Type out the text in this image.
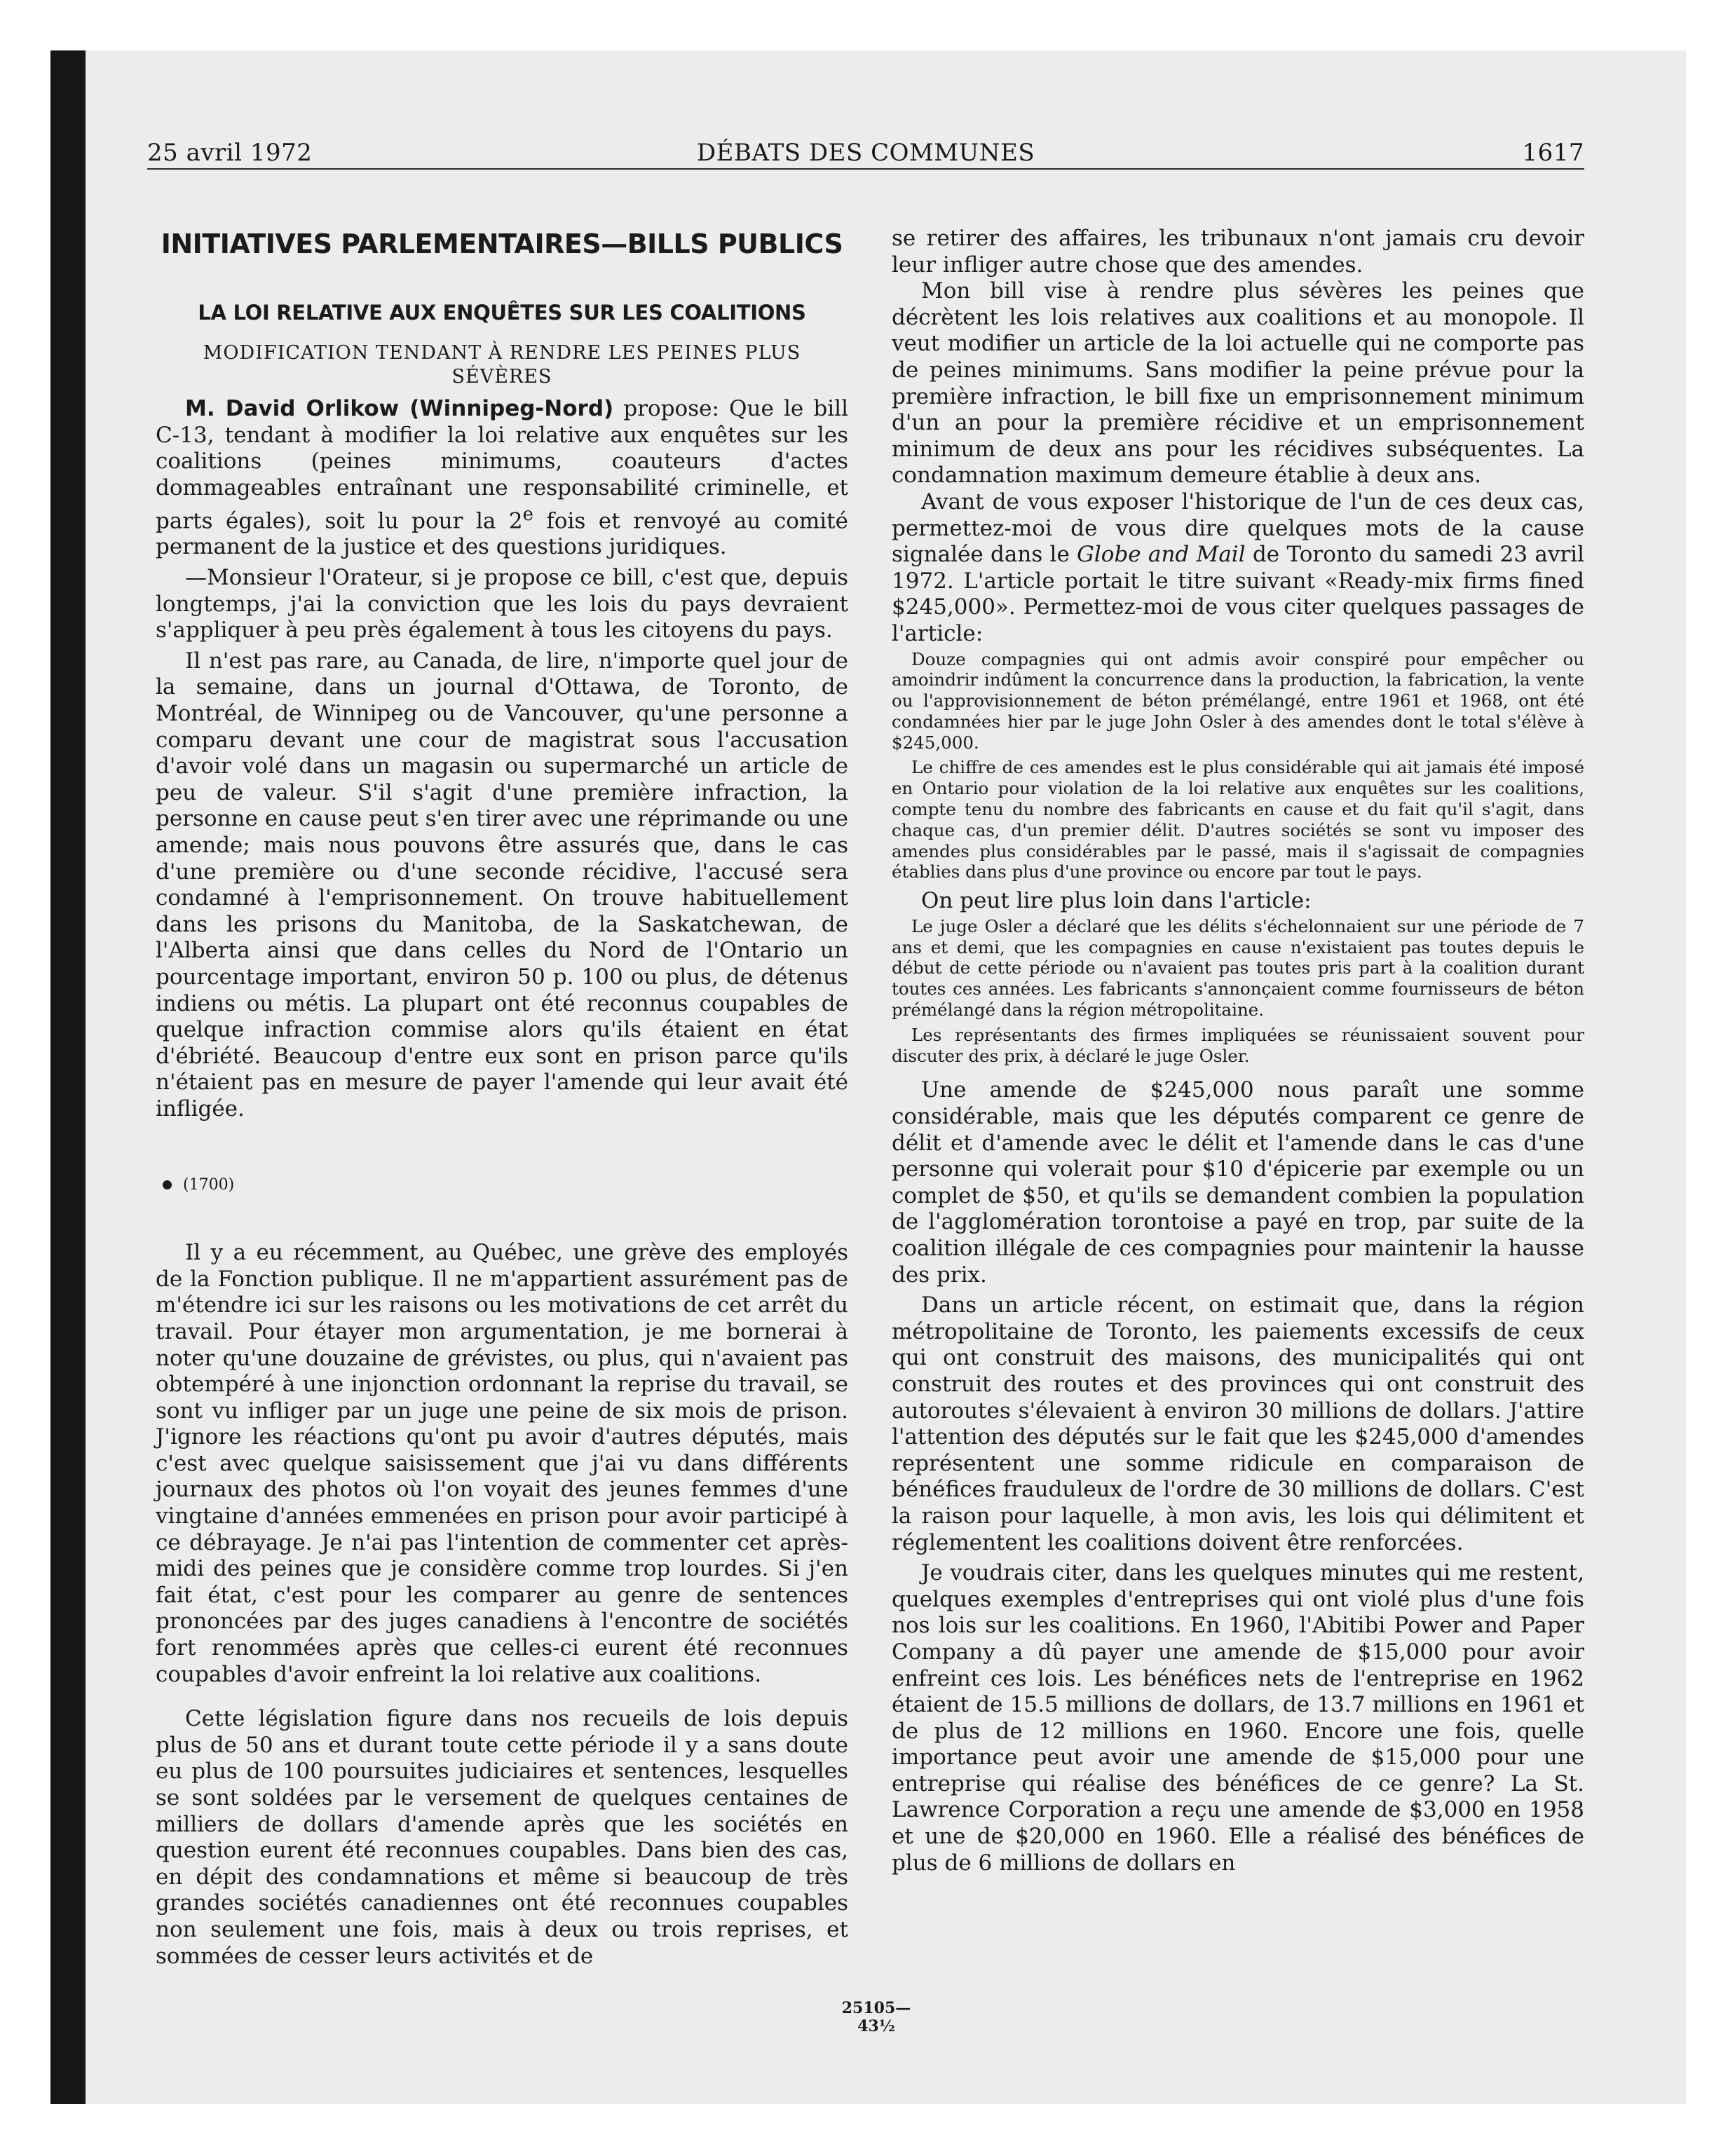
25 avril 1972	DÉBATS DES COMMUNES	1617
INITIATIVES PARLEMENTAIRES—BILLS PUBLICS
LA LOI RELATIVE AUX ENQUÊTES SUR LES COALITIONS
MODIFICATION TENDANT À RENDRE LES PEINES PLUS SÉVÈRES

M. David Orlikow (Winnipeg-Nord) propose: Que le bill C-13, tendant à modifier la loi relative aux enquêtes sur les coalitions (peines minimums, coauteurs d'actes dommageables entraînant une responsabilité criminelle, et parts égales), soit lu pour la 2e fois et renvoyé au comité permanent de la justice et des questions juridiques.

—Monsieur l'Orateur, si je propose ce bill, c'est que, depuis longtemps, j'ai la conviction que les lois du pays devraient s'appliquer à peu près également à tous les citoyens du pays.

Il n'est pas rare, au Canada, de lire, n'importe quel jour de la semaine, dans un journal d'Ottawa, de Toronto, de Montréal, de Winnipeg ou de Vancouver, qu'une personne a comparu devant une cour de magistrat sous l'accusation d'avoir volé dans un magasin ou supermarché un article de peu de valeur. S'il s'agit d'une première infraction, la personne en cause peut s'en tirer avec une réprimande ou une amende; mais nous pouvons être assurés que, dans le cas d'une première ou d'une seconde récidive, l'accusé sera condamné à l'emprisonnement. On trouve habituellement dans les prisons du Manitoba, de la Saskatchewan, de l'Alberta ainsi que dans celles du Nord de l'Ontario un pourcentage important, environ 50 p. 100 ou plus, de détenus indiens ou métis. La plupart ont été reconnus coupables de quelque infraction commise alors qu'ils étaient en état d'ébriété. Beaucoup d'entre eux sont en prison parce qu'ils n'étaient pas en mesure de payer l'amende qui leur avait été infligée.

(1700)

Il y a eu récemment, au Québec, une grève des employés de la Fonction publique. Il ne m'appartient assurément pas de m'étendre ici sur les raisons ou les motivations de cet arrêt du travail. Pour étayer mon argumentation, je me bornerai à noter qu'une douzaine de grévistes, ou plus, qui n'avaient pas obtempéré à une injonction ordonnant la reprise du travail, se sont vu infliger par un juge une peine de six mois de prison. J'ignore les réactions qu'ont pu avoir d'autres députés, mais c'est avec quelque saisissement que j'ai vu dans différents journaux des photos où l'on voyait des jeunes femmes d'une vingtaine d'années emmenées en prison pour avoir participé à ce débrayage. Je n'ai pas l'intention de commenter cet après-midi des peines que je considère comme trop lourdes. Si j'en fait état, c'est pour les comparer au genre de sentences prononcées par des juges canadiens à l'encontre de sociétés fort renommées après que celles-ci eurent été reconnues coupables d'avoir enfreint la loi relative aux coalitions.

Cette législation figure dans nos recueils de lois depuis plus de 50 ans et durant toute cette période il y a sans doute eu plus de 100 poursuites judiciaires et sentences, lesquelles se sont soldées par le versement de quelques centaines de milliers de dollars d'amende après que les sociétés en question eurent été reconnues coupables. Dans bien des cas, en dépit des condamnations et même si beaucoup de très grandes sociétés canadiennes ont été reconnues coupables non seulement une fois, mais à deux ou trois reprises, et sommées de cesser leurs activités et de

se retirer des affaires, les tribunaux n'ont jamais cru devoir leur infliger autre chose que des amendes.

Mon bill vise à rendre plus sévères les peines que décrètent les lois relatives aux coalitions et au monopole. Il veut modifier un article de la loi actuelle qui ne comporte pas de peines minimums. Sans modifier la peine prévue pour la première infraction, le bill fixe un emprisonnement minimum d'un an pour la première récidive et un emprisonnement minimum de deux ans pour les récidives subséquentes. La condamnation maximum demeure établie à deux ans.

Avant de vous exposer l'historique de l'un de ces deux cas, permettez-moi de vous dire quelques mots de la cause signalée dans le Globe and Mail de Toronto du samedi 23 avril 1972. L'article portait le titre suivant «Ready-mix firms fined $245,000». Permettez-moi de vous citer quelques passages de l'article:

Douze compagnies qui ont admis avoir conspiré pour empêcher ou amoindrir indûment la concurrence dans la production, la fabrication, la vente ou l'approvisionnement de béton prémélangé, entre 1961 et 1968, ont été condamnées hier par le juge John Osler à des amendes dont le total s'élève à $245,000.

Le chiffre de ces amendes est le plus considérable qui ait jamais été imposé en Ontario pour violation de la loi relative aux enquêtes sur les coalitions, compte tenu du nombre des fabricants en cause et du fait qu'il s'agit, dans chaque cas, d'un premier délit. D'autres sociétés se sont vu imposer des amendes plus considérables par le passé, mais il s'agissait de compagnies établies dans plus d'une province ou encore par tout le pays.

On peut lire plus loin dans l'article:

Le juge Osler a déclaré que les délits s'échelonnaient sur une période de 7 ans et demi, que les compagnies en cause n'existaient pas toutes depuis le début de cette période ou n'avaient pas toutes pris part à la coalition durant toutes ces années. Les fabricants s'annonçaient comme fournisseurs de béton prémélangé dans la région métropolitaine.

Les représentants des firmes impliquées se réunissaient souvent pour discuter des prix, à déclaré le juge Osler.

Une amende de $245,000 nous paraît une somme considérable, mais que les députés comparent ce genre de délit et d'amende avec le délit et l'amende dans le cas d'une personne qui volerait pour $10 d'épicerie par exemple ou un complet de $50, et qu'ils se demandent combien la population de l'agglomération torontoise a payé en trop, par suite de la coalition illégale de ces compagnies pour maintenir la hausse des prix.

Dans un article récent, on estimait que, dans la région métropolitaine de Toronto, les paiements excessifs de ceux qui ont construit des maisons, des municipalités qui ont construit des routes et des provinces qui ont construit des autoroutes s'élevaient à environ 30 millions de dollars. J'attire l'attention des députés sur le fait que les $245,000 d'amendes représentent une somme ridicule en comparaison de bénéfices frauduleux de l'ordre de 30 millions de dollars. C'est la raison pour laquelle, à mon avis, les lois qui délimitent et réglementent les coalitions doivent être renforcées.

Je voudrais citer, dans les quelques minutes qui me restent, quelques exemples d'entreprises qui ont violé plus d'une fois nos lois sur les coalitions. En 1960, l'Abitibi Power and Paper Company a dû payer une amende de $15,000 pour avoir enfreint ces lois. Les bénéfices nets de l'entreprise en 1962 étaient de 15.5 millions de dollars, de 13.7 millions en 1961 et de plus de 12 millions en 1960. Encore une fois, quelle importance peut avoir une amende de $15,000 pour une entreprise qui réalise des bénéfices de ce genre? La St. Lawrence Corporation a reçu une amende de $3,000 en 1958 et une de $20,000 en 1960. Elle a réalisé des bénéfices de plus de 6 millions de dollars en

25105—43½
